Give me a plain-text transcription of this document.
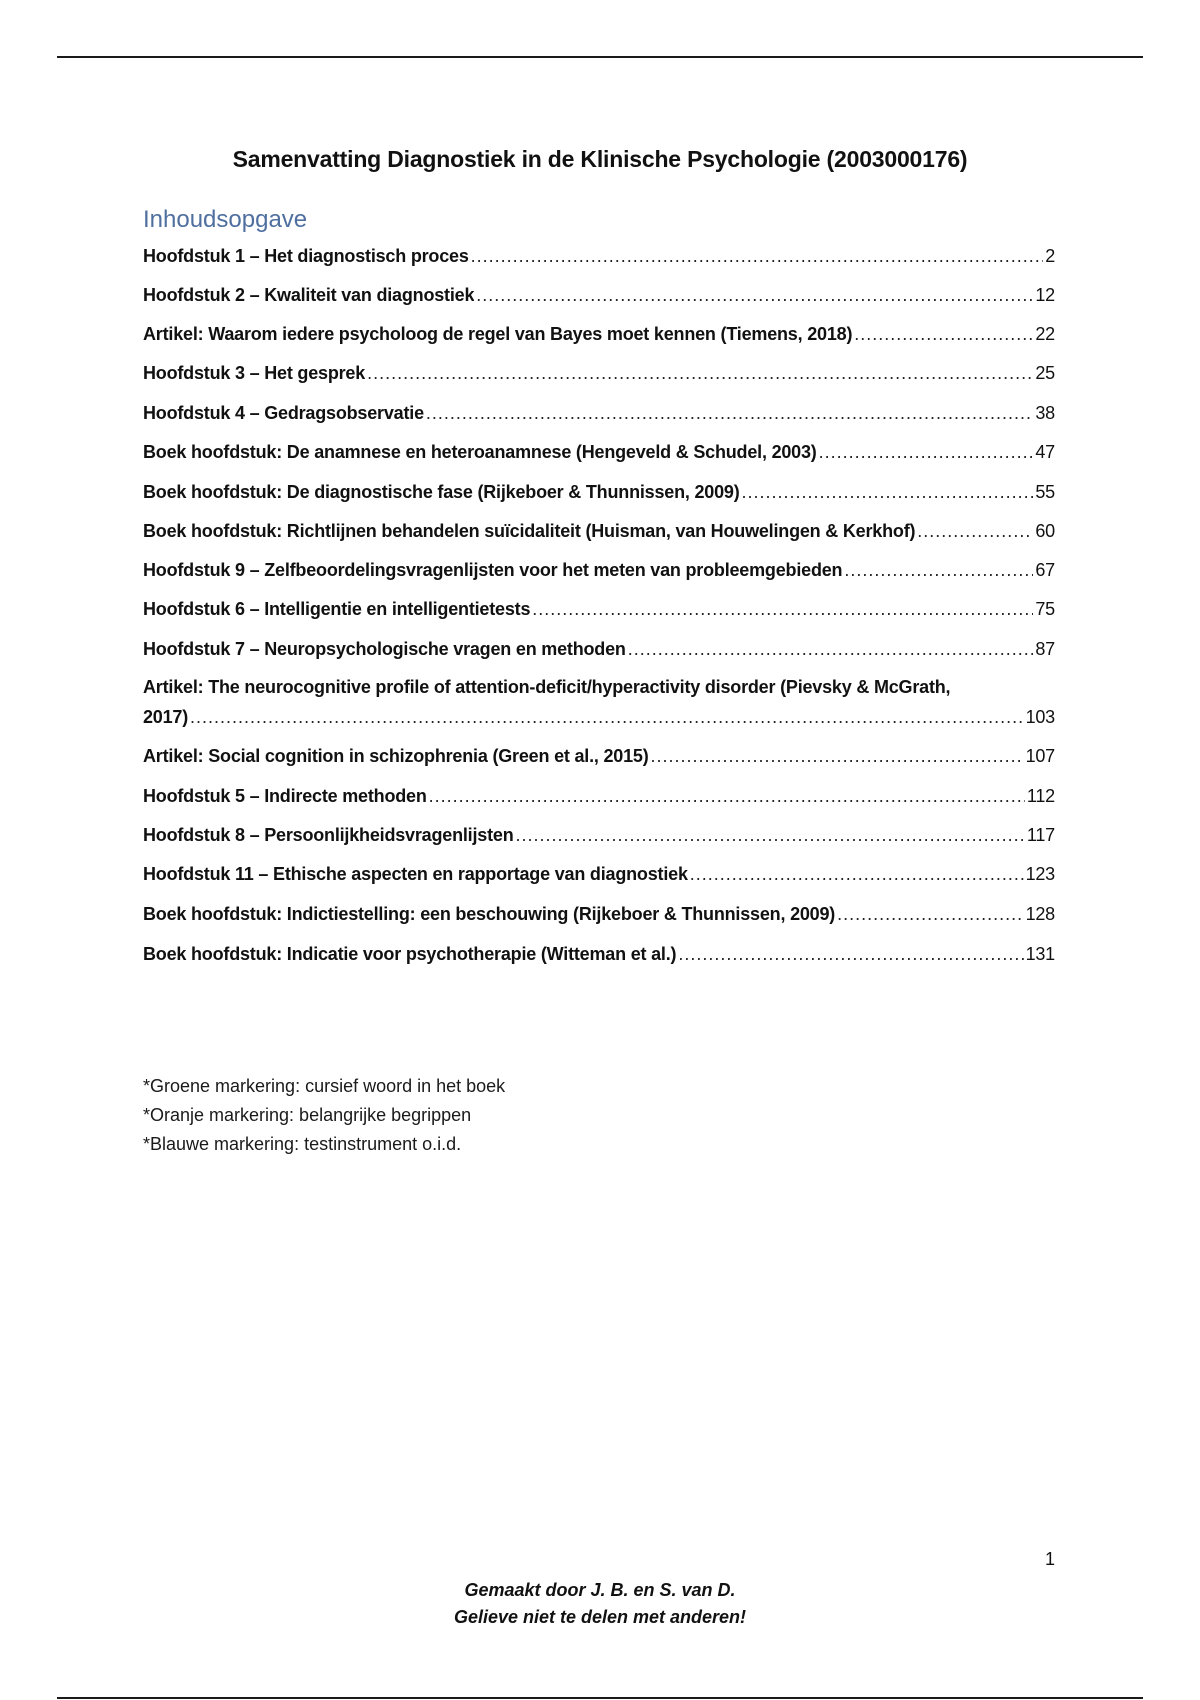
Samenvatting Diagnostiek in de Klinische Psychologie (2003000176)
Inhoudsopgave
Hoofdstuk 1 – Het diagnostisch proces .....	2
Hoofdstuk 2 – Kwaliteit van diagnostiek .....	12
Artikel: Waarom iedere psycholoog de regel van Bayes moet kennen (Tiemens, 2018) .....	22
Hoofdstuk 3 – Het gesprek .....	25
Hoofdstuk 4 – Gedragsobservatie .....	38
Boek hoofdstuk: De anamnese en heteroanamnese (Hengeveld & Schudel, 2003) .....	47
Boek hoofdstuk: De diagnostische fase (Rijkeboer & Thunnissen, 2009) .....	55
Boek hoofdstuk: Richtlijnen behandelen suïcidaliteit (Huisman, van Houwelingen & Kerkhof) .....	60
Hoofdstuk 9 – Zelfbeoordelingsvragenlijsten voor het meten van probleemgebieden .....	67
Hoofdstuk 6 – Intelligentie en intelligentietests .....	75
Hoofdstuk 7 – Neuropsychologische vragen en methoden .....	87
Artikel: The neurocognitive profile of attention-deficit/hyperactivity disorder (Pievsky & McGrath,
2017) .....	103
Artikel: Social cognition in schizophrenia (Green et al., 2015) .....	107
Hoofdstuk 5 – Indirecte methoden .....	112
Hoofdstuk 8 – Persoonlijkheidsvragenlijsten .....	117
Hoofdstuk 11 – Ethische aspecten en rapportage van diagnostiek .....	123
Boek hoofdstuk: Indictiestelling: een beschouwing (Rijkeboer & Thunnissen, 2009) .....	128
Boek hoofdstuk: Indicatie voor psychotherapie (Witteman et al.) .....	131
*Groene markering: cursief woord in het boek
*Oranje markering: belangrijke begrippen
*Blauwe markering: testinstrument o.i.d.
1
Gemaakt door J. B. en S. van D.
Gelieve niet te delen met anderen!
